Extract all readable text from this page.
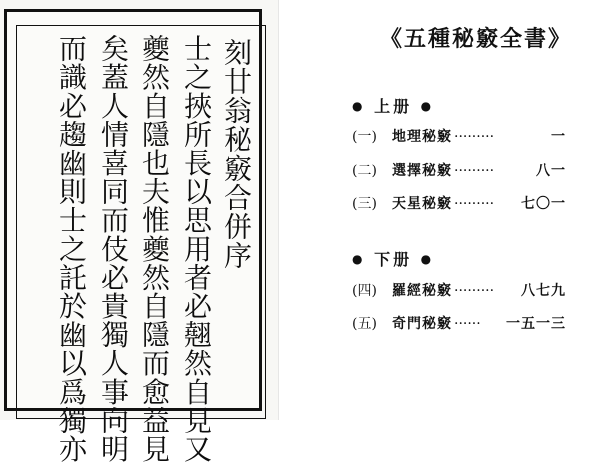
刻廿翁秘竅合併序
士之挾所長以思用者必翹然自見又
夔然自隱也夫惟夔然自隱而愈益見
矣蓋人情喜同而伎必貴獨人事向明
而識必趨幽則士之託於幽以爲獨亦	《五種秘竅全書》
● 上册 ●
(一)	地理秘竅 ·········	一
(二)	選擇秘竅 ·········	八一
(三)	天星秘竅 ········· 七〇一
● 下册 ●
(四)	羅經秘竅 ········· 八七九
(五)	奇門秘竅 ······ 一五一三
